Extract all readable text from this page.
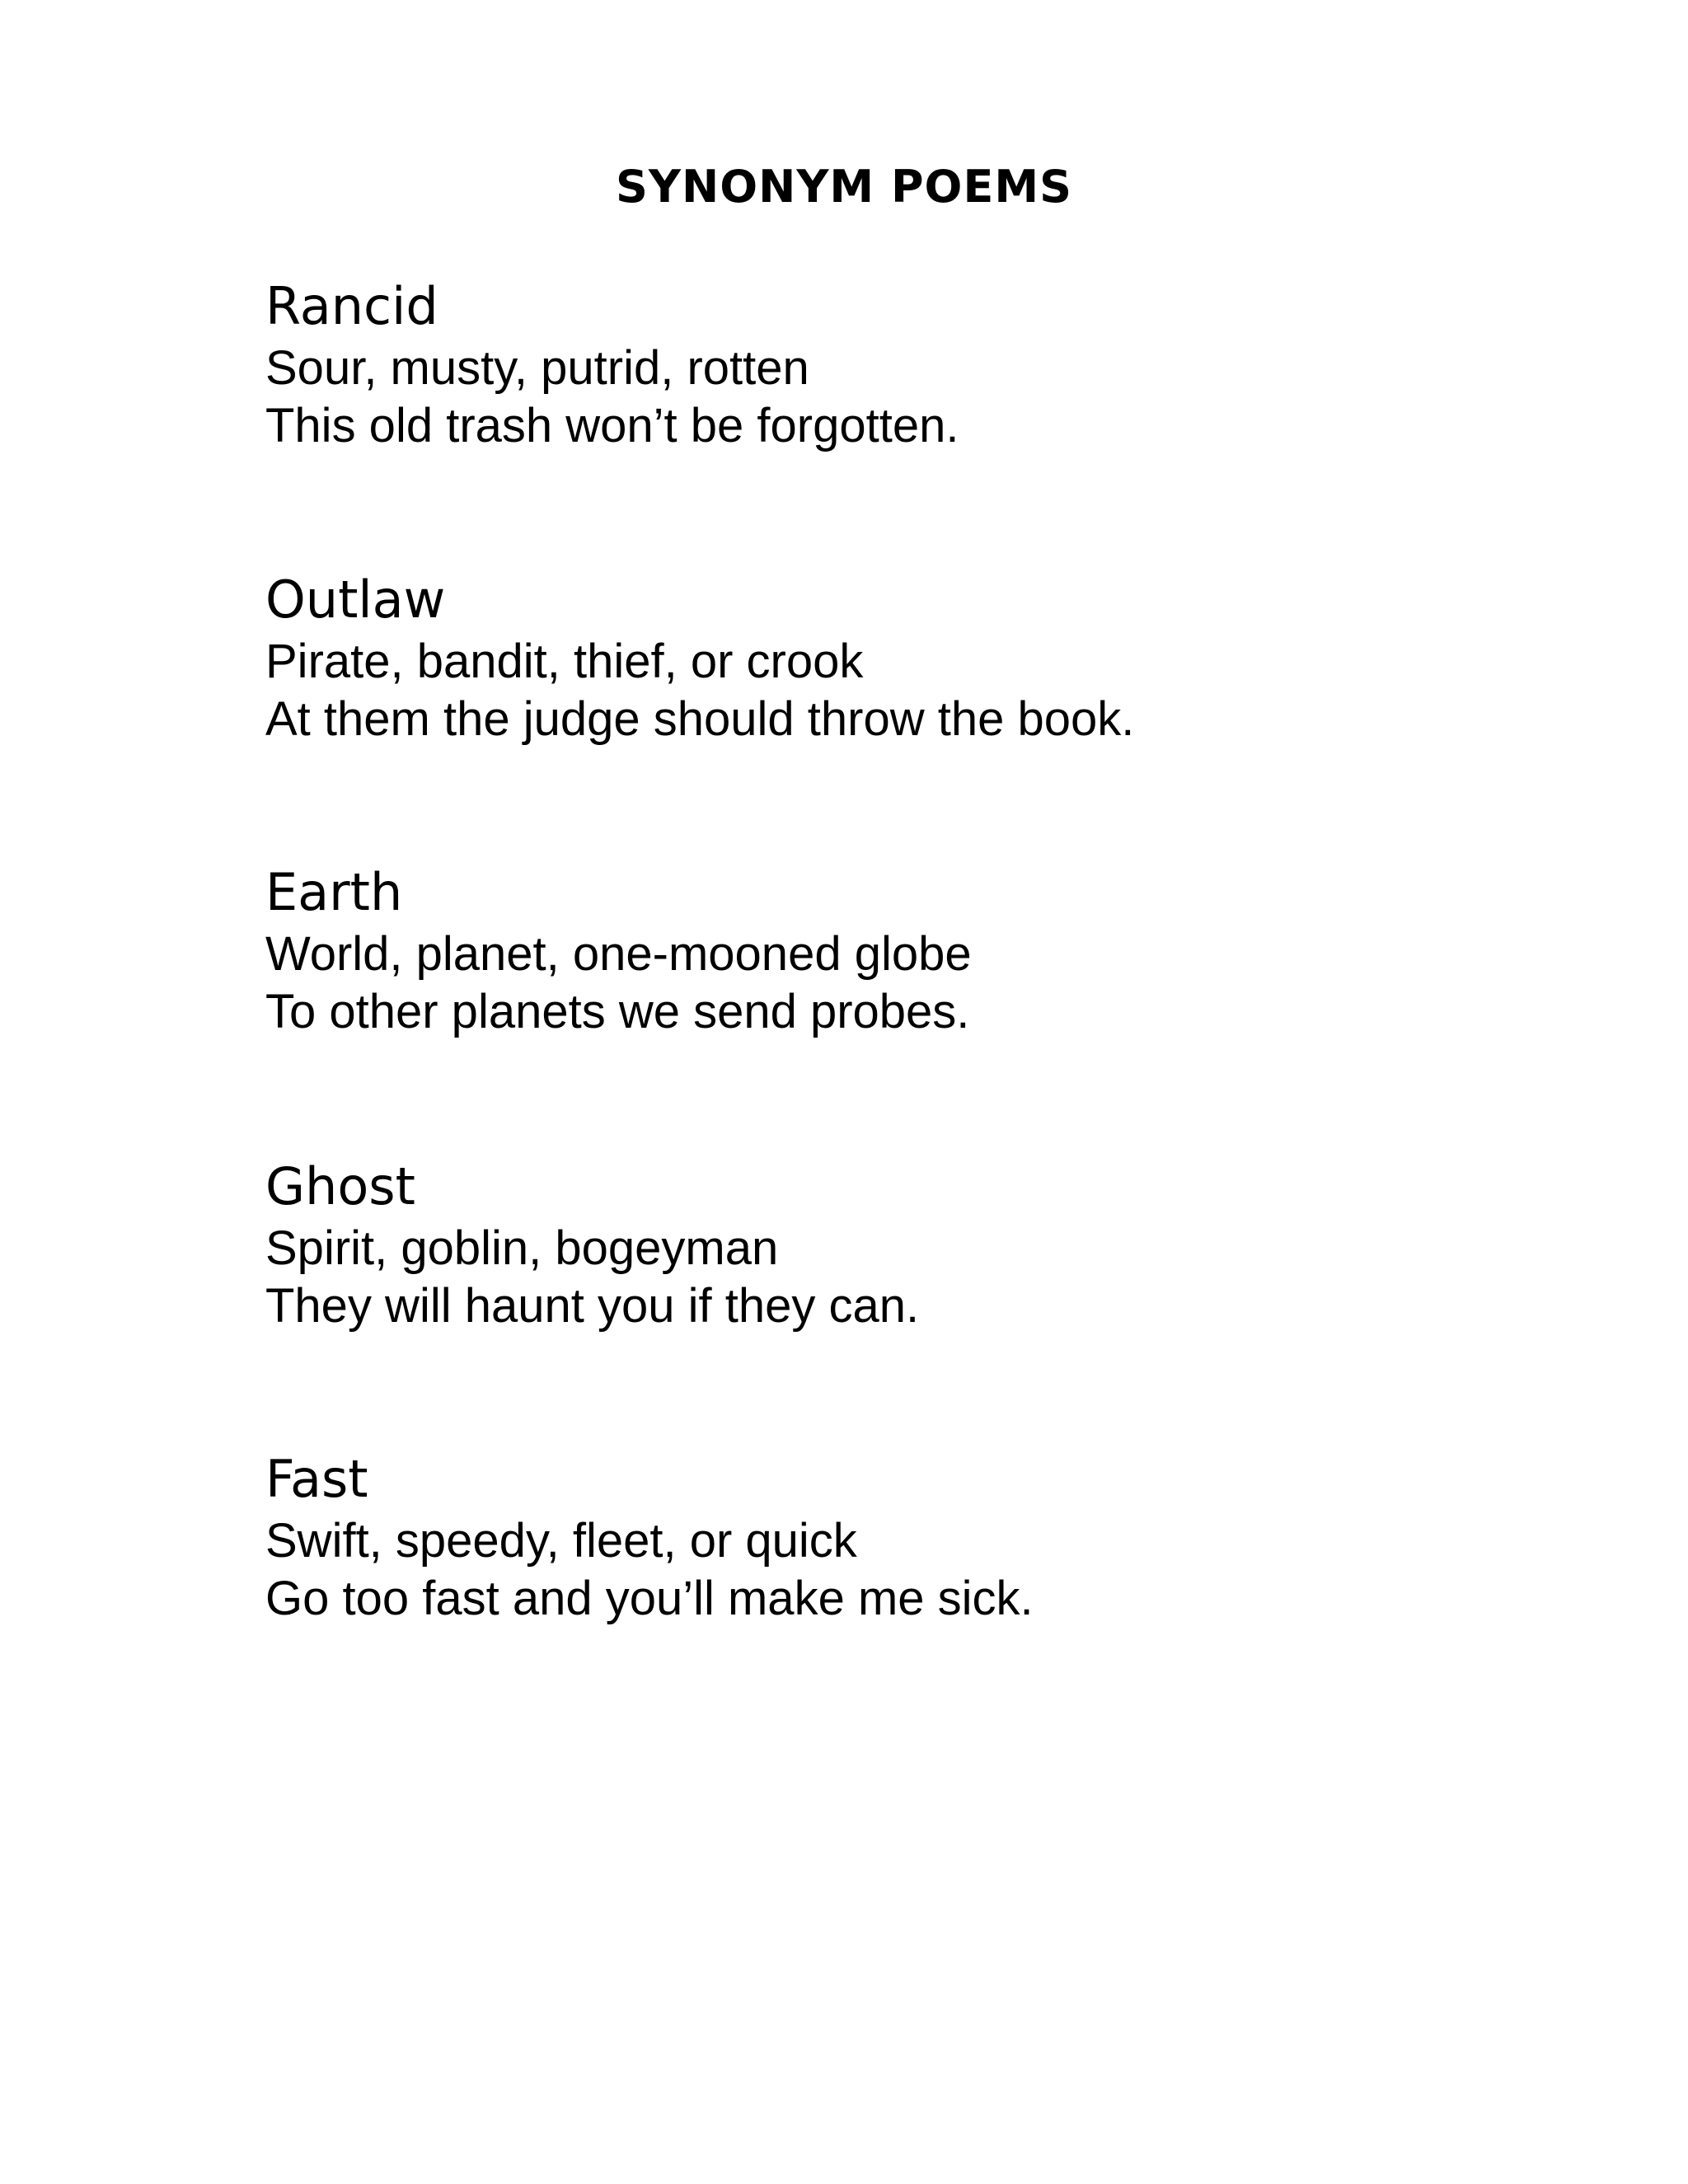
SYNONYM POEMS
Rancid
Sour, musty, putrid, rotten
This old trash won’t be forgotten.
Outlaw
Pirate, bandit, thief, or crook
At them the judge should throw the book.
Earth
World, planet, one-mooned globe
To other planets we send probes.
Ghost
Spirit, goblin, bogeyman
They will haunt you if they can.
Fast
Swift, speedy, fleet, or quick
Go too fast and you’ll make me sick.
